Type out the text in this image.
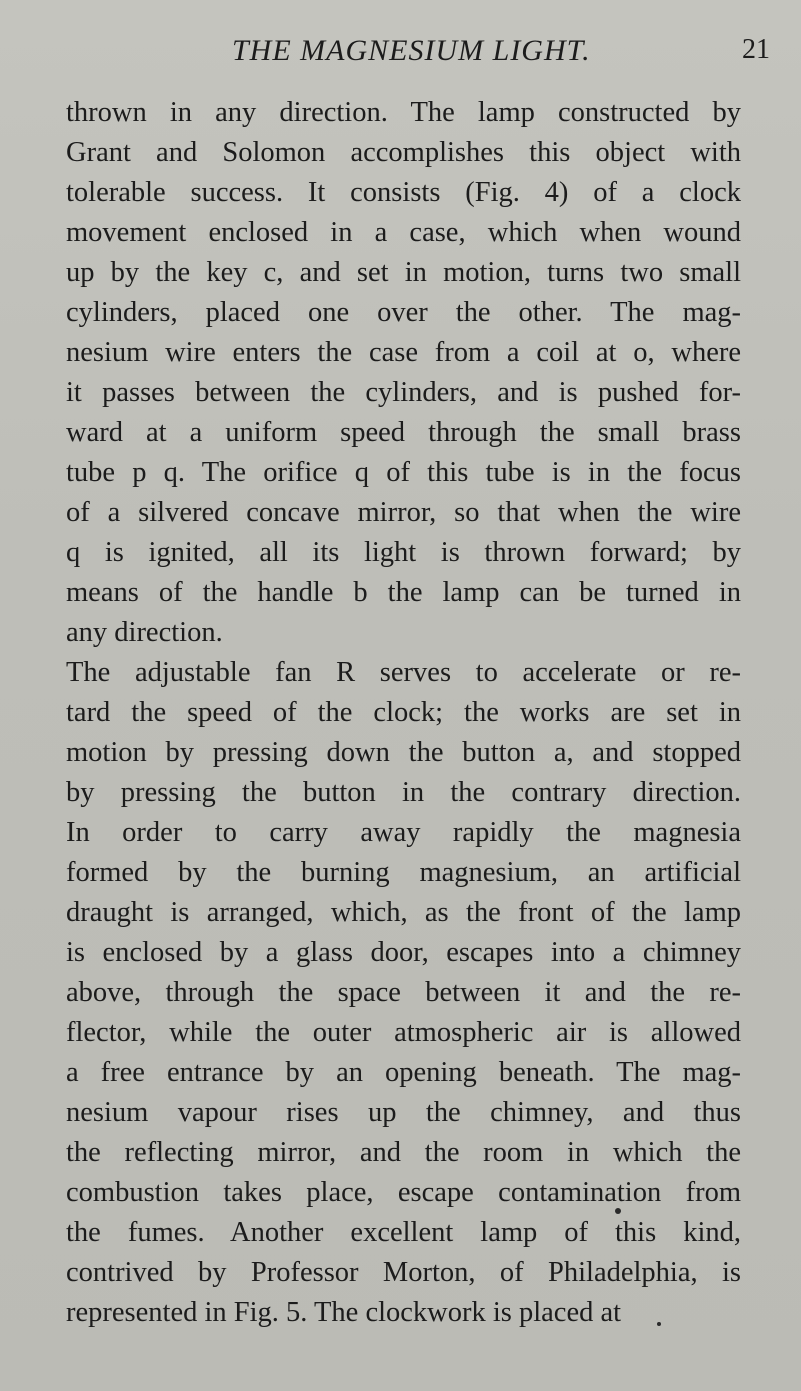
THE MAGNESIUM LIGHT.	21
thrown in any direction. The lamp constructed by
Grant and Solomon accomplishes this object with
tolerable success. It consists (Fig. 4) of a clock
movement enclosed in a case, which when wound
up by the key c, and set in motion, turns two small
cylinders, placed one over the other. The mag-
nesium wire enters the case from a coil at o, where
it passes between the cylinders, and is pushed for-
ward at a uniform speed through the small brass
tube p q. The orifice q of this tube is in the focus
of a silvered concave mirror, so that when the wire
q is ignited, all its light is thrown forward; by
means of the handle b the lamp can be turned in
any direction.
The adjustable fan R serves to accelerate or re-
tard the speed of the clock; the works are set in
motion by pressing down the button a, and stopped
by pressing the button in the contrary direction.
In order to carry away rapidly the magnesia
formed by the burning magnesium, an artificial
draught is arranged, which, as the front of the lamp
is enclosed by a glass door, escapes into a chimney
above, through the space between it and the re-
flector, while the outer atmospheric air is allowed
a free entrance by an opening beneath. The mag-
nesium vapour rises up the chimney, and thus
the reflecting mirror, and the room in which the
combustion takes place, escape contamination from
the fumes. Another excellent lamp of this kind,
contrived by Professor Morton, of Philadelphia, is
represented in Fig. 5. The clockwork is placed at
